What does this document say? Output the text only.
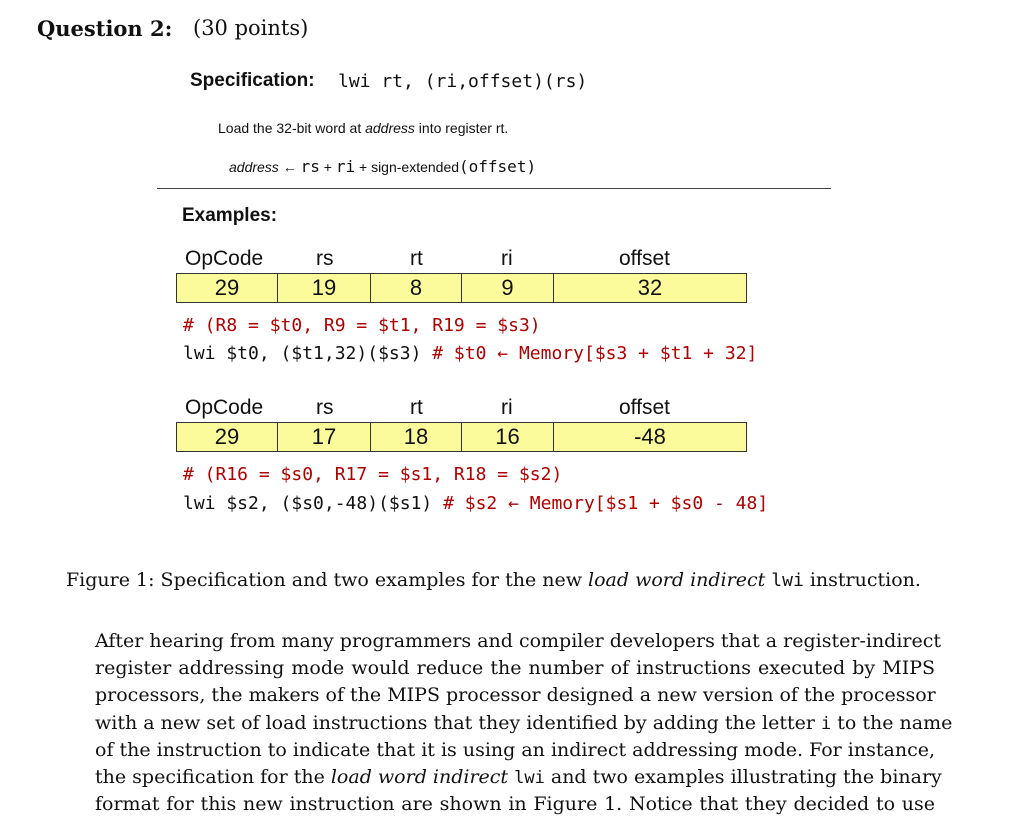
Question 2: (30 points)
Specification: lwi rt, (ri,offset)(rs)
Load the 32-bit word at address into register rt.
address ← rs + ri + sign-extended(offset)
Examples:
OpCode	rs	rt	ri	offset
29	19	8	9	32
# (R8 = $t0, R9 = $t1, R19 = $s3)
lwi $t0, ($t1,32)($s3) # $t0 ← Memory[$s3 + $t1 + 32]
OpCode	rs	rt	ri	offset
29	17	18	16	-48
# (R16 = $s0, R17 = $s1, R18 = $s2)
lwi $s2, ($s0,-48)($s1) # $s2 ← Memory[$s1 + $s0 - 48]
Figure 1: Specification and two examples for the new load word indirect lwi instruction.
After hearing from many programmers and compiler developers that a register-indirect
register addressing mode would reduce the number of instructions executed by MIPS
processors, the makers of the MIPS processor designed a new version of the processor
with a new set of load instructions that they identified by adding the letter i to the name
of the instruction to indicate that it is using an indirect addressing mode. For instance,
the specification for the load word indirect lwi and two examples illustrating the binary
format for this new instruction are shown in Figure 1. Notice that they decided to use
